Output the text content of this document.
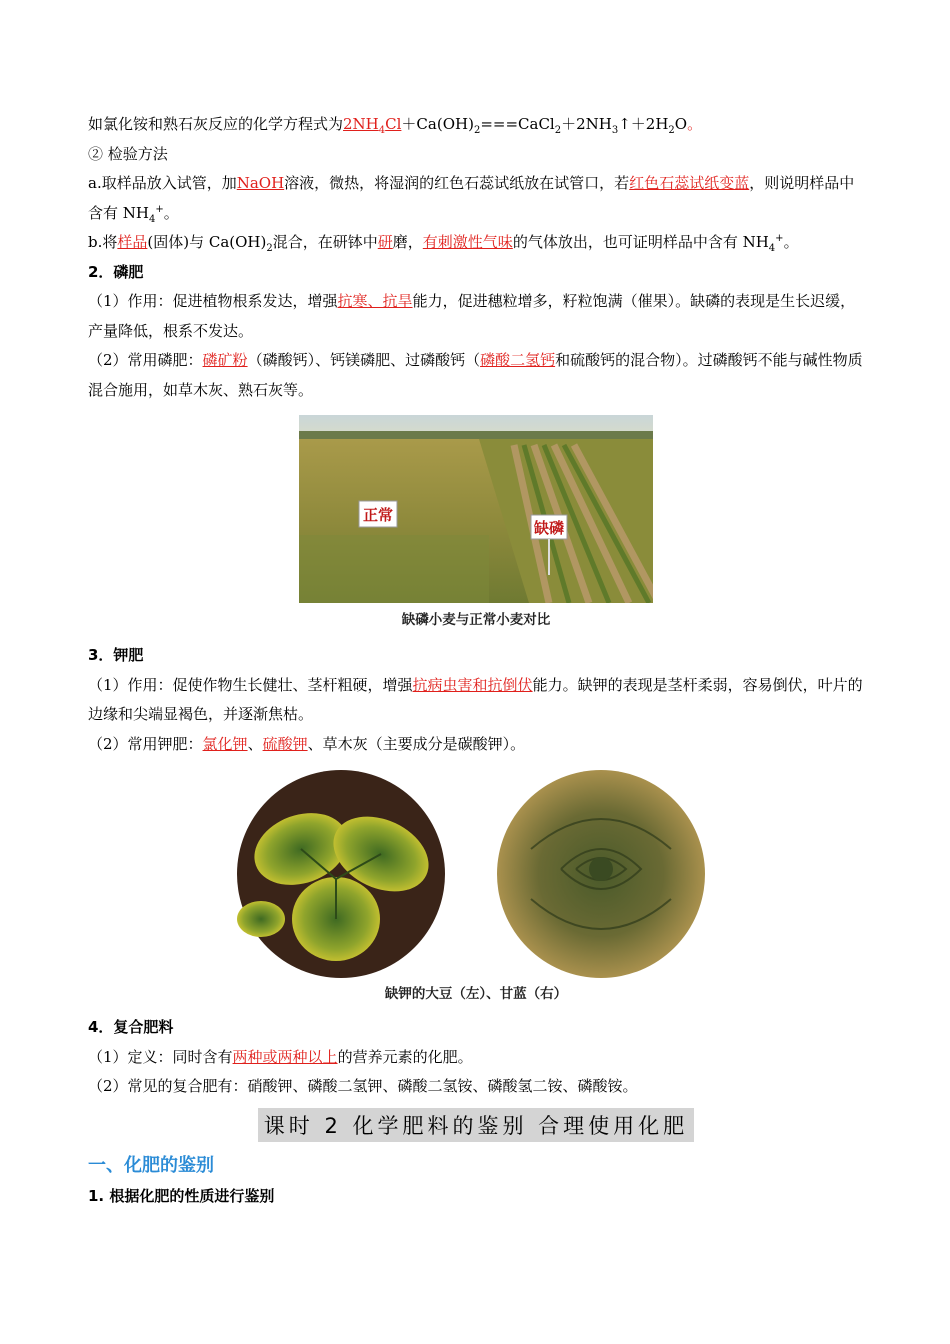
如氯化铵和熟石灰反应的化学方程式为$2NH_4Cl+Ca(OH)_2===CaCl_2+2NH_3↑+2H_2O$。

② 检验方法

a.取样品放入试管，加NaOH溶液，微热，将湿润的红色石蕊试纸放在试管口，若红色石蕊试纸变蓝，则说明样品中含有 $NH_4^+$。

b.将样品(固体)与 $Ca(OH)_2$混合，在研钵中研磨，有刺激性气味的气体放出，也可证明样品中含有 $NH_4^+$。

2．磷肥

（1）作用：促进植物根系发达，增强抗寒、抗旱能力，促进穗粒增多，籽粒饱满（催果）。缺磷的表现是生长迟缓，产量降低，根系不发达。

（2）常用磷肥：磷矿粉（磷酸钙）、钙镁磷肥、过磷酸钙（磷酸二氢钙和硫酸钙的混合物）。过磷酸钙不能与碱性物质混合施用，如草木灰、熟石灰等。

正常
缺磷
缺磷小麦与正常小麦对比

3．钾肥

（1）作用：促使作物生长健壮、茎杆粗硬，增强抗病虫害和抗倒伏能力。缺钾的表现是茎杆柔弱，容易倒伏，叶片的边缘和尖端显褐色，并逐渐焦枯。

（2）常用钾肥：氯化钾、硫酸钾、草木灰（主要成分是碳酸钾）。

缺钾的大豆（左）、甘蓝（右）

4．复合肥料

（1）定义：同时含有两种或两种以上的营养元素的化肥。

（2）常见的复合肥有：硝酸钾、磷酸二氢钾、磷酸二氢铵、磷酸氢二铵、磷酸铵。

课时 2 化学肥料的鉴别 合理使用化肥

一、化肥的鉴别

1. 根据化肥的性质进行鉴别
